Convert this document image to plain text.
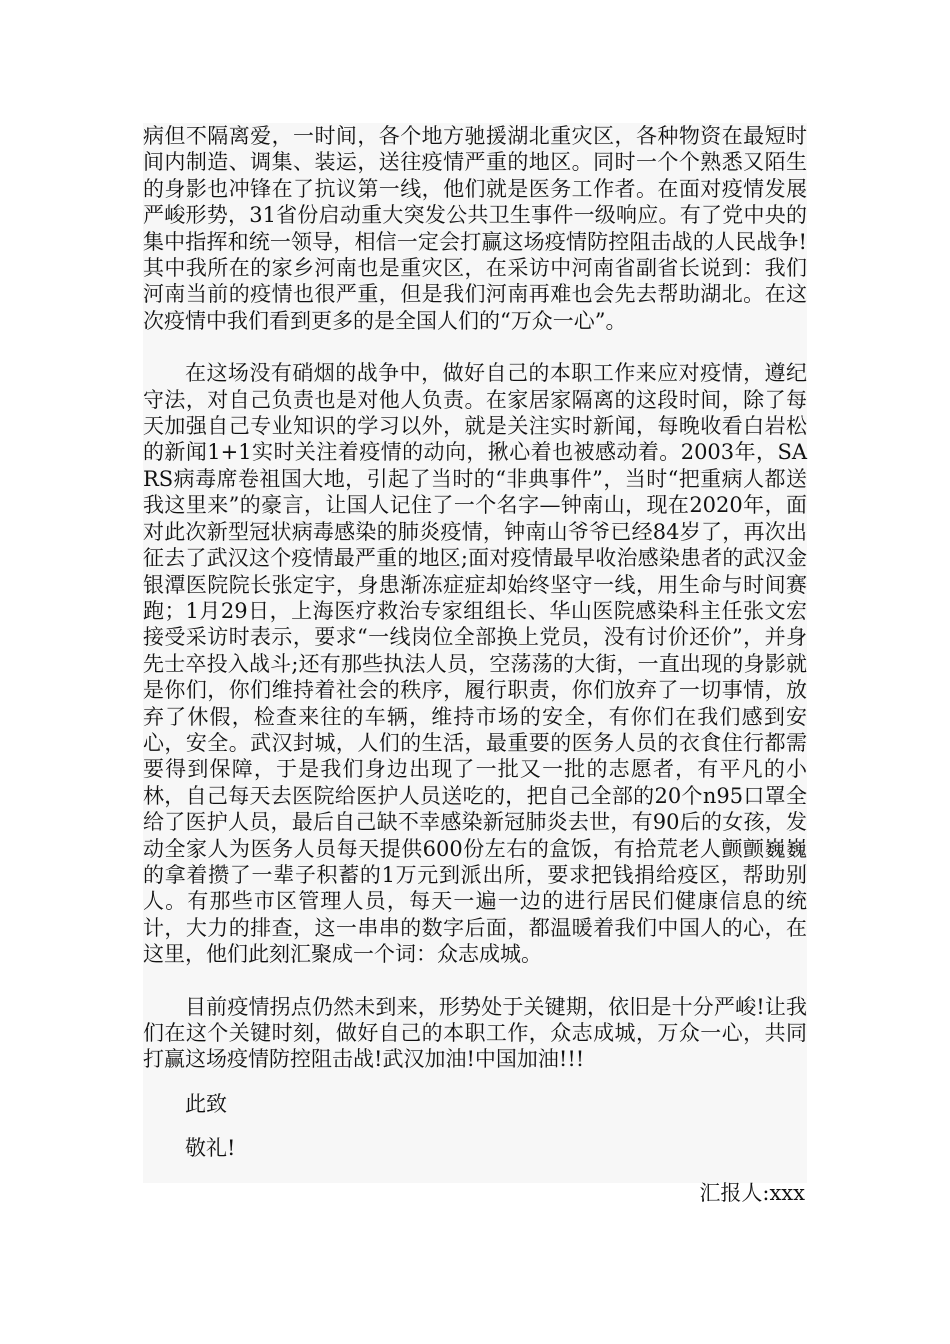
病但不隔离爱，一时间，各个地方驰援湖北重灾区，各种物资在最短时间内制造、调集、装运，送往疫情严重的地区。同时一个个熟悉又陌生的身影也冲锋在了抗议第一线，他们就是医务工作者。在面对疫情发展严峻形势，31省份启动重大突发公共卫生事件一级响应。有了党中央的集中指挥和统一领导，相信一定会打赢这场疫情防控阻击战的人民战争!其中我所在的家乡河南也是重灾区，在采访中河南省副省长说到：我们河南当前的疫情也很严重，但是我们河南再难也会先去帮助湖北。在这次疫情中我们看到更多的是全国人们的“万众一心”。

在这场没有硝烟的战争中，做好自己的本职工作来应对疫情，遵纪守法，对自己负责也是对他人负责。在家居家隔离的这段时间，除了每天加强自己专业知识的学习以外，就是关注实时新闻，每晚收看白岩松的新闻1+1实时关注着疫情的动向，揪心着也被感动着。2003年，SARS病毒席卷祖国大地，引起了当时的“非典事件”，当时“把重病人都送我这里来”的豪言，让国人记住了一个名字—钟南山，现在2020年，面对此次新型冠状病毒感染的肺炎疫情，钟南山爷爷已经84岁了，再次出征去了武汉这个疫情最严重的地区;面对疫情最早收治感染患者的武汉金银潭医院院长张定宇，身患渐冻症症却始终坚守一线，用生命与时间赛跑；1月29日，上海医疗救治专家组组长、华山医院感染科主任张文宏接受采访时表示，要求“一线岗位全部换上党员，没有讨价还价”，并身先士卒投入战斗;还有那些执法人员，空荡荡的大街，一直出现的身影就是你们，你们维持着社会的秩序，履行职责，你们放弃了一切事情，放弃了休假，检查来往的车辆，维持市场的安全，有你们在我们感到安心，安全。武汉封城，人们的生活，最重要的医务人员的衣食住行都需要得到保障，于是我们身边出现了一批又一批的志愿者，有平凡的小林，自己每天去医院给医护人员送吃的，把自己全部的20个n95口罩全给了医护人员，最后自己缺不幸感染新冠肺炎去世，有90后的女孩，发动全家人为医务人员每天提供600份左右的盒饭，有拾荒老人颤颤巍巍的拿着攒了一辈子积蓄的1万元到派出所，要求把钱捐给疫区，帮助别人。有那些市区管理人员，每天一遍一边的进行居民们健康信息的统计，大力的排查，这一串串的数字后面，都温暖着我们中国人的心，在这里，他们此刻汇聚成一个词：众志成城。

目前疫情拐点仍然未到来，形势处于关键期，依旧是十分严峻!让我们在这个关键时刻，做好自己的本职工作，众志成城，万众一心，共同打赢这场疫情防控阻击战!武汉加油!中国加油!!!

此致

敬礼!

汇报人:xxx
